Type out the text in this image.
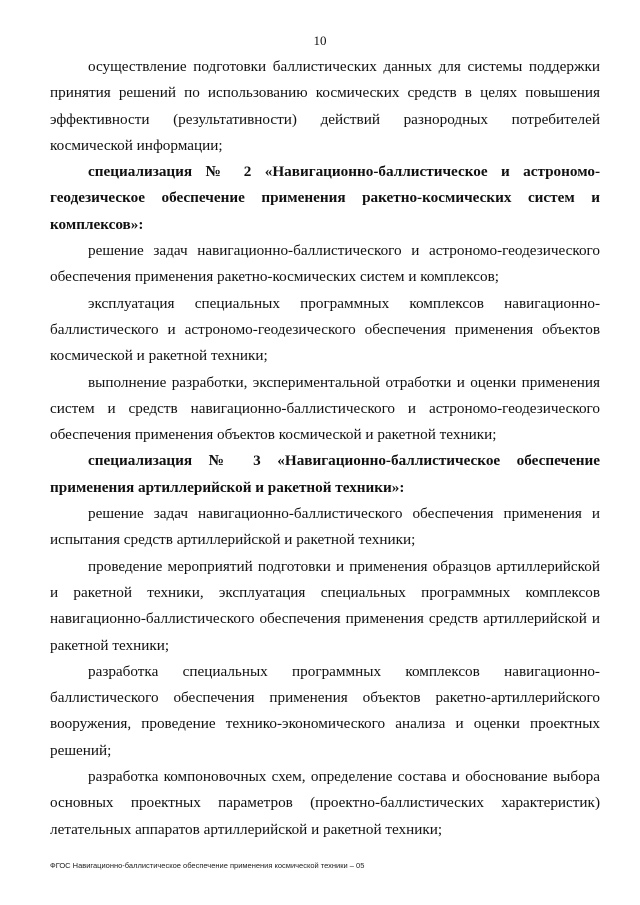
10

осуществление подготовки баллистических данных для системы поддержки принятия решений по использованию космических средств в целях повышения эффективности (результативности) действий разнородных потребителей космической информации;

специализация № 2 «Навигационно-баллистическое и астрономо-геодезическое обеспечение применения ракетно-космических систем и комплексов»:

решение задач навигационно-баллистического и астрономо-геодезического обеспечения применения ракетно-космических систем и комплексов;

эксплуатация специальных программных комплексов навигационно-баллистического и астрономо-геодезического обеспечения применения объектов космической и ракетной техники;

выполнение разработки, экспериментальной отработки и оценки применения систем и средств навигационно-баллистического и астрономо-геодезического обеспечения применения объектов космической и ракетной техники;

специализация № 3 «Навигационно-баллистическое обеспечение применения артиллерийской и ракетной техники»:

решение задач навигационно-баллистического обеспечения применения и испытания средств артиллерийской и ракетной техники;

проведение мероприятий подготовки и применения образцов артиллерийской и ракетной техники, эксплуатация специальных программных комплексов навигационно-баллистического обеспечения применения средств артиллерийской и ракетной техники;

разработка специальных программных комплексов навигационно-баллистического обеспечения применения объектов ракетно-артиллерийского вооружения, проведение технико-экономического анализа и оценки проектных решений;

разработка компоновочных схем, определение состава и обоснование выбора основных проектных параметров (проектно-баллистических характеристик) летательных аппаратов артиллерийской и ракетной техники;

ФГОС Навигационно-баллистическое обеспечение применения космической техники – 05
